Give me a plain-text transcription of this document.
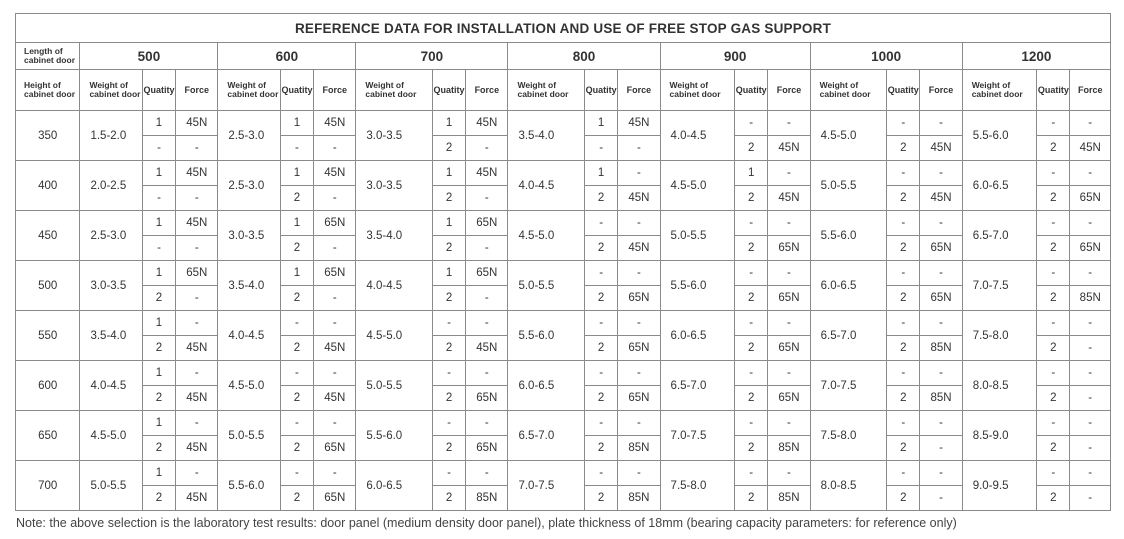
REFERENCE DATA FOR INSTALLATION AND USE OF FREE STOP GAS SUPPORT																					
Length of cabinet door	500			600			700			800			900			1000			1200		
Height of cabinet door	Weight of cabinet door	Quatity	Force	Weight of cabinet door	Quatity	Force	Weight of cabinet door	Quatity	Force	Weight of cabinet door	Quatity	Force	Weight of cabinet door	Quatity	Force	Weight of cabinet door	Quatity	Force	Weight of cabinet door	Quatity	Force
350	1.5-2.0	1	45N	2.5-3.0	1	45N	3.0-3.5	1	45N	3.5-4.0	1	45N	4.0-4.5	-	-	4.5-5.0	-	-	5.5-6.0	-	-
		-	-		-	-		2	-		-	-		2	45N		2	45N		2	45N
400	2.0-2.5	1	45N	2.5-3.0	1	45N	3.0-3.5	1	45N	4.0-4.5	1	-	4.5-5.0	1	-	5.0-5.5	-	-	6.0-6.5	-	-
		-	-		2	-		2	-		2	45N		2	45N		2	45N		2	65N
450	2.5-3.0	1	45N	3.0-3.5	1	65N	3.5-4.0	1	65N	4.5-5.0	-	-	5.0-5.5	-	-	5.5-6.0	-	-	6.5-7.0	-	-
		-	-		2	-		2	-		2	45N		2	65N		2	65N		2	65N
500	3.0-3.5	1	65N	3.5-4.0	1	65N	4.0-4.5	1	65N	5.0-5.5	-	-	5.5-6.0	-	-	6.0-6.5	-	-	7.0-7.5	-	-
		2	-		2	-		2	-		2	65N		2	65N		2	65N		2	85N
550	3.5-4.0	1	-	4.0-4.5	-	-	4.5-5.0	-	-	5.5-6.0	-	-	6.0-6.5	-	-	6.5-7.0	-	-	7.5-8.0	-	-
		2	45N		2	45N		2	45N		2	65N		2	65N		2	85N		2	-
600	4.0-4.5	1	-	4.5-5.0	-	-	5.0-5.5	-	-	6.0-6.5	-	-	6.5-7.0	-	-	7.0-7.5	-	-	8.0-8.5	-	-
		2	45N		2	45N		2	65N		2	65N		2	65N		2	85N		2	-
650	4.5-5.0	1	-	5.0-5.5	-	-	5.5-6.0	-	-	6.5-7.0	-	-	7.0-7.5	-	-	7.5-8.0	-	-	8.5-9.0	-	-
		2	45N		2	65N		2	65N		2	85N		2	85N		2	-		2	-
700	5.0-5.5	1	-	5.5-6.0	-	-	6.0-6.5	-	-	7.0-7.5	-	-	7.5-8.0	-	-	8.0-8.5	-	-	9.0-9.5	-	-
		2	45N		2	65N		2	85N		2	85N		2	85N		2	-		2	-
Note: the above selection is the laboratory test results: door panel (medium density door panel), plate thickness of 18mm (bearing capacity parameters: for reference only)
